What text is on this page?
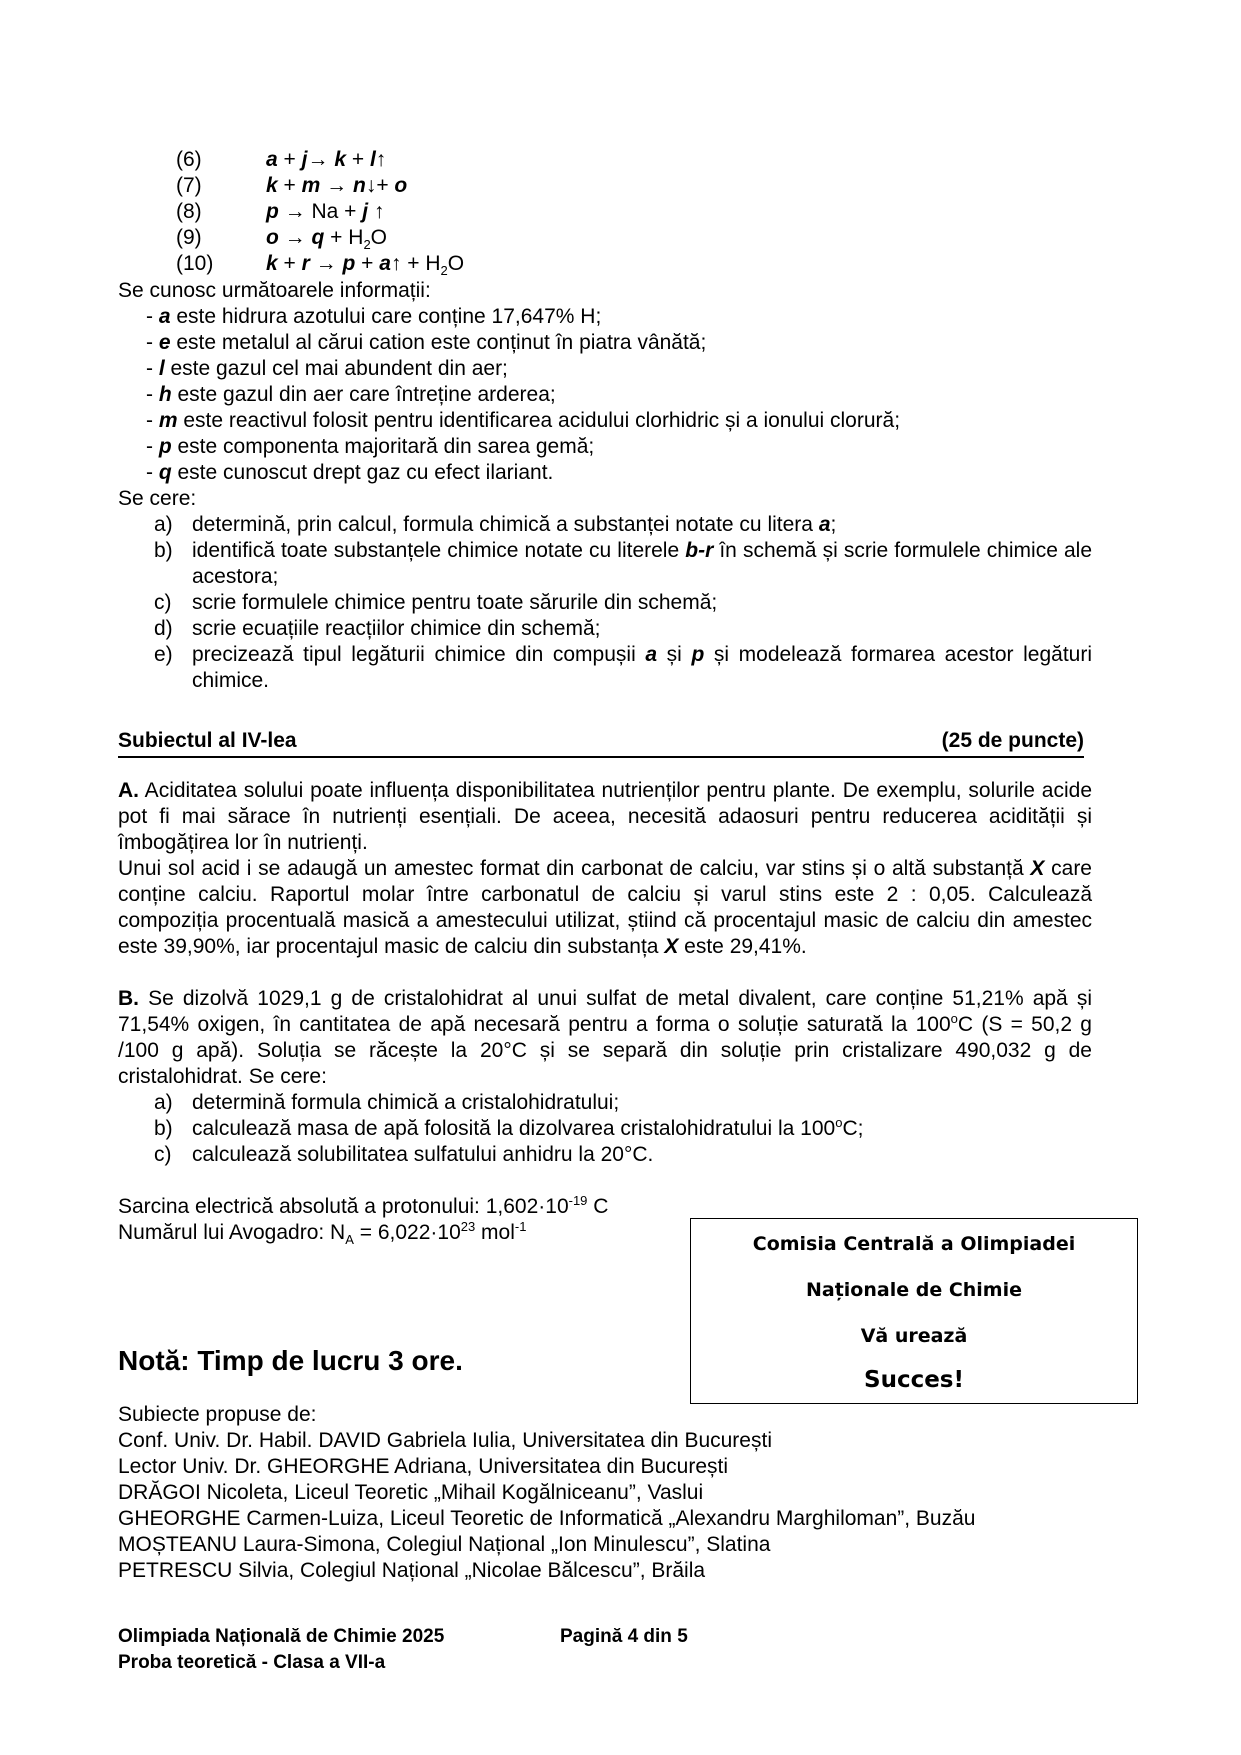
(6)	a + j→ k + l↑
(7)	k + m → n↓+ o
(8)	p → Na + j ↑
(9)	$o \to q + H_2O$
(10)	k + r → p + a↑ + $H_2O$
Se cunosc următoarele informații:
- a este hidrura azotului care conține 17,647% H;
- e este metalul al cărui cation este conținut în piatra vânătă;
- l este gazul cel mai abundent din aer;
- h este gazul din aer care întreține arderea;
- m este reactivul folosit pentru identificarea acidului clorhidric și a ionului clorură;
- p este componenta majoritară din sarea gemă;
- q este cunoscut drept gaz cu efect ilariant.
Se cere:
a) determină, prin calcul, formula chimică a substanței notate cu litera a;
b) identifică toate substanțele chimice notate cu literele b-r în schemă și scrie formulele chimice ale acestora;
c) scrie formulele chimice pentru toate sărurile din schemă;
d) scrie ecuațiile reacțiilor chimice din schemă;
e) precizează tipul legăturii chimice din compușii a și p și modelează formarea acestor legături chimice.
Subiectul al IV-lea	(25 de puncte)
A. Aciditatea solului poate influența disponibilitatea nutrienților pentru plante. De exemplu, solurile acide pot fi mai sărace în nutrienți esențiali. De aceea, necesită adaosuri pentru reducerea acidității și îmbogățirea lor în nutrienți.
Unui sol acid i se adaugă un amestec format din carbonat de calciu, var stins și o altă substanță X care conține calciu. Raportul molar între carbonatul de calciu și varul stins este 2 : 0,05. Calculează compoziția procentuală masică a amestecului utilizat, știind că procentajul masic de calciu din amestec este 39,90%, iar procentajul masic de calciu din substanța X este 29,41%.
B. Se dizolvă 1029,1 g de cristalohidrat al unui sulfat de metal divalent, care conține 51,21% apă și 71,54% oxigen, în cantitatea de apă necesară pentru a forma o soluție saturată la 100$^o$C (S = 50,2 g /100 g apă). Soluția se răcește la 20°C și se separă din soluție prin cristalizare 490,032 g de cristalohidrat. Se cere:
a) determină formula chimică a cristalohidratului;
b) calculează masa de apă folosită la dizolvarea cristalohidratului la 100$^o$C;
c) calculează solubilitatea sulfatului anhidru la 20°C.
Sarcina electrică absolută a protonului: $1,602\cdot 10^{-19}$ C
Numărul lui Avogadro: $N_A = 6,022\cdot 10^{23}$ mol$^{-1}$
Comisia Centrală a Olimpiadei
Naționale de Chimie
Vă urează
Succes!
Notă: Timp de lucru 3 ore.
Subiecte propuse de:
Conf. Univ. Dr. Habil. DAVID Gabriela Iulia, Universitatea din București
Lector Univ. Dr. GHEORGHE Adriana, Universitatea din București
DRĂGOI Nicoleta, Liceul Teoretic „Mihail Kogălniceanu”, Vaslui
GHEORGHE Carmen-Luiza, Liceul Teoretic de Informatică „Alexandru Marghiloman”, Buzău
MOȘTEANU Laura-Simona, Colegiul Național „Ion Minulescu”, Slatina
PETRESCU Silvia, Colegiul Național „Nicolae Bălcescu”, Brăila
Olimpiada Națională de Chimie 2025
Proba teoretică - Clasa a VII-a
Pagină 4 din 5
